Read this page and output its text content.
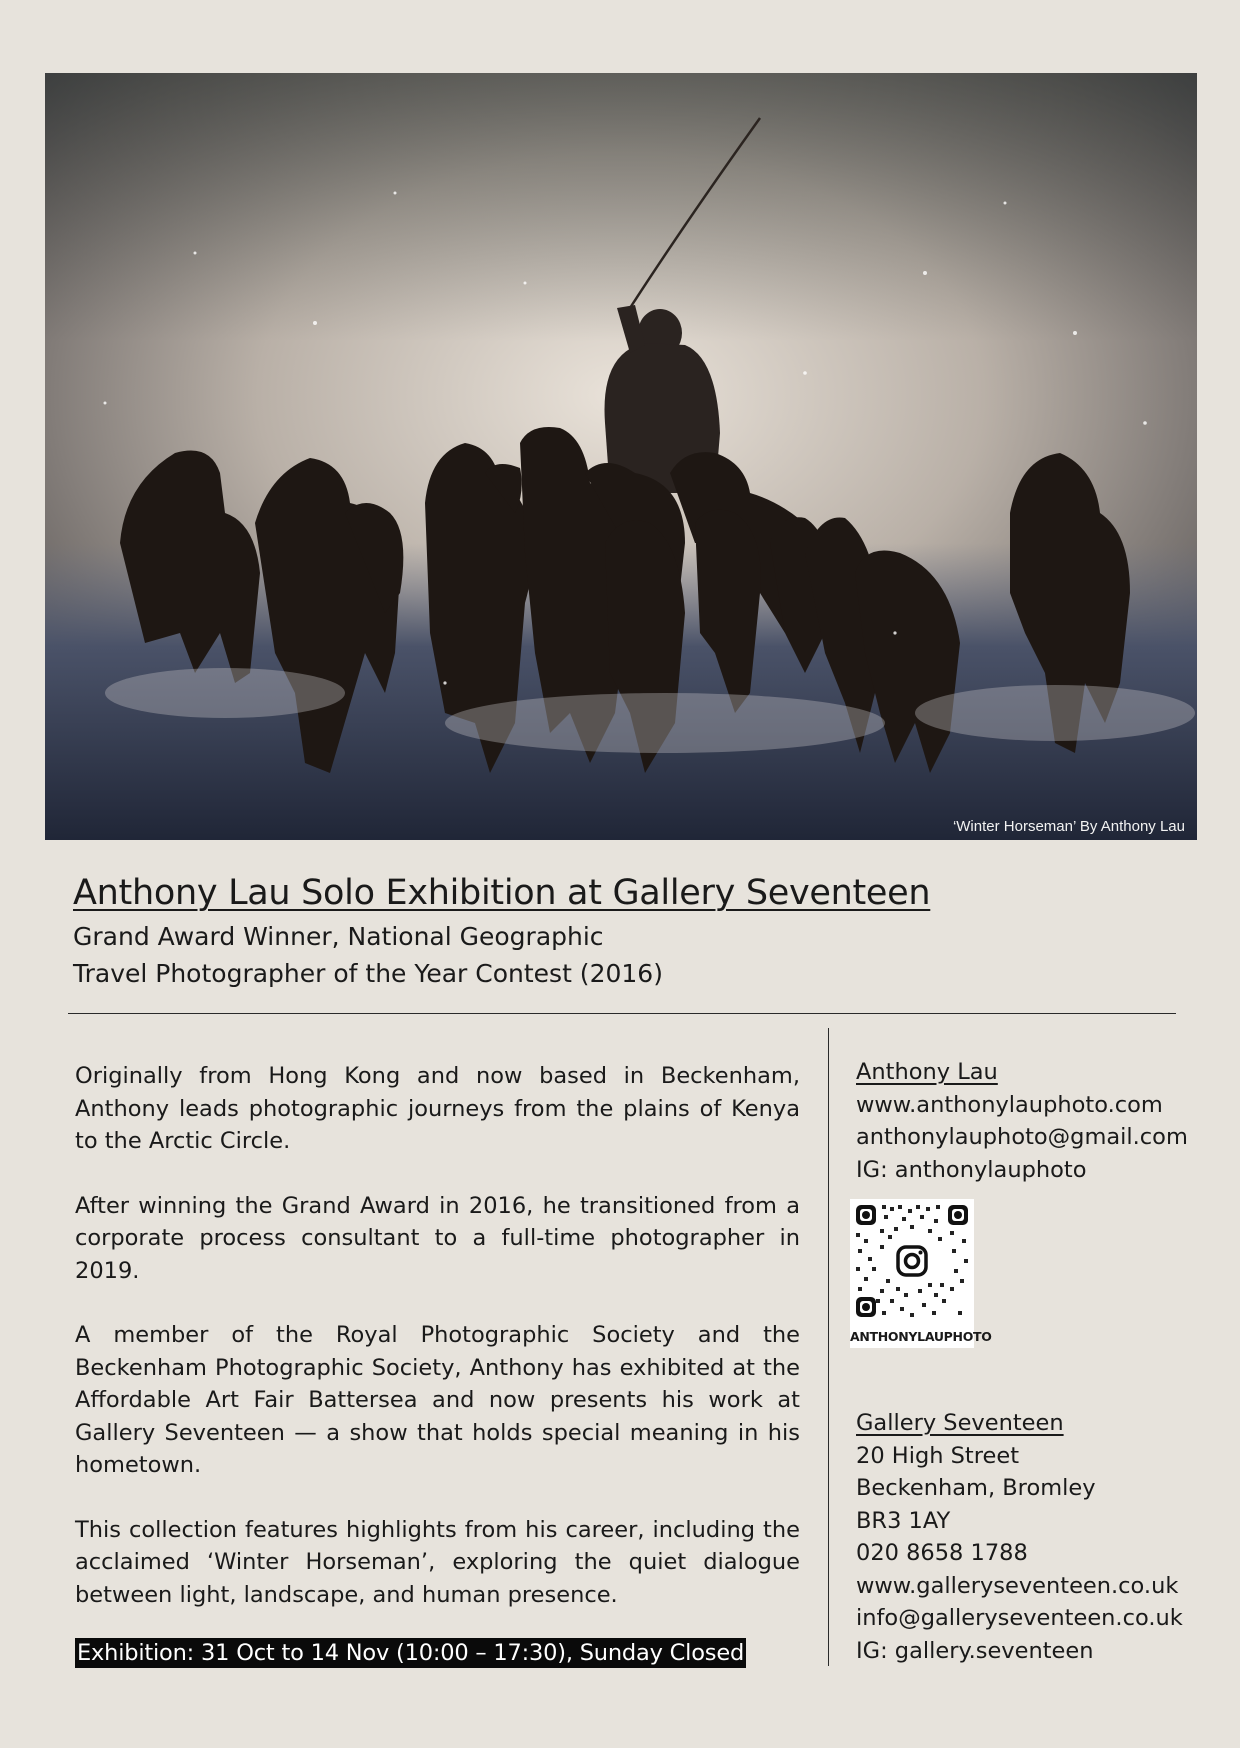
‘Winter Horseman’ By Anthony Lau
Anthony Lau Solo Exhibition at Gallery Seventeen

Grand Award Winner, National Geographic

Travel Photographer of the Year Contest (2016)

Originally from Hong Kong and now based in Beckenham, Anthony leads photographic journeys from the plains of Kenya to the Arctic Circle.

After winning the Grand Award in 2016, he transitioned from a corporate process consultant to a full-time photographer in 2019.

A member of the Royal Photographic Society and the Beckenham Photographic Society, Anthony has exhibited at the Affordable Art Fair Battersea and now presents his work at Gallery Seventeen — a show that holds special meaning in his hometown.

This collection features highlights from his career, including the acclaimed ‘Winter Horseman’, exploring the quiet dialogue between light, landscape, and human presence.

Exhibition: 31 Oct to 14 Nov (10:00 – 17:30), Sunday Closed
Anthony Lau
www.anthonylauphoto.com
anthonylauphoto@gmail.com
IG: anthonylauphoto
ANTHONYLAUPHOTO
Gallery Seventeen
20 High Street
Beckenham, Bromley
BR3 1AY
020 8658 1788
www.galleryseventeen.co.uk
info@galleryseventeen.co.uk
IG: gallery.seventeen
